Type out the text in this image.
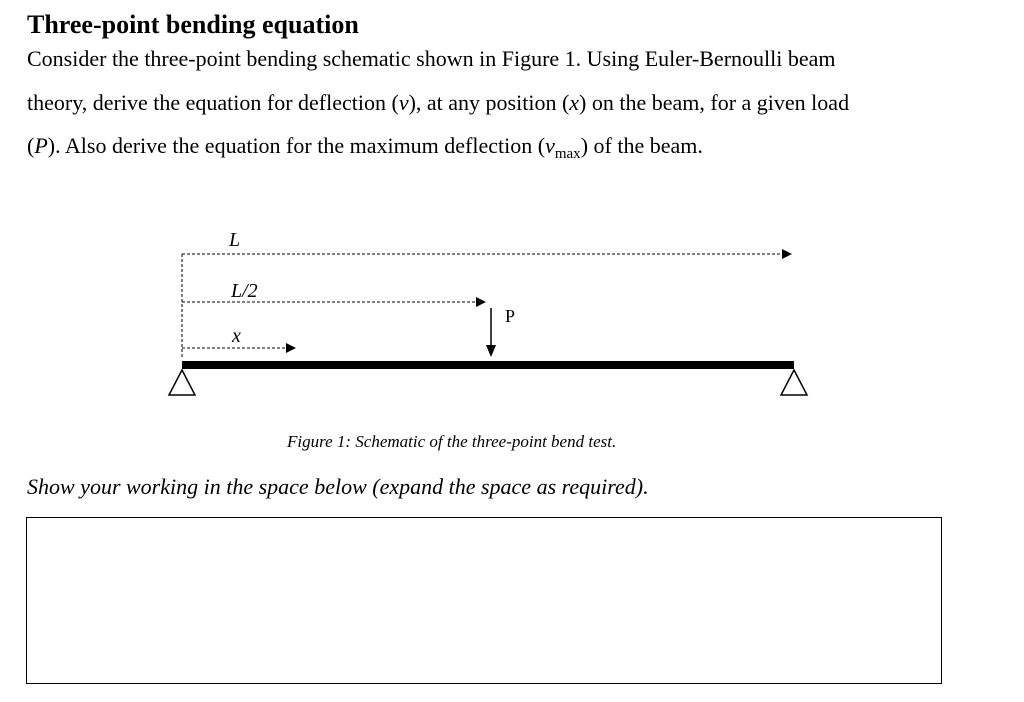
Three-point bending equation

Consider the three-point bending schematic shown in Figure 1. Using Euler-Bernoulli beam

theory, derive the equation for deflection (v), at any position (x) on the beam, for a given load

(P). Also derive the equation for the maximum deflection $(v_{max})$ of the beam.

L
L/2
x
P
Figure 1: Schematic of the three-point bend test.
Show your working in the space below (expand the space as required).
